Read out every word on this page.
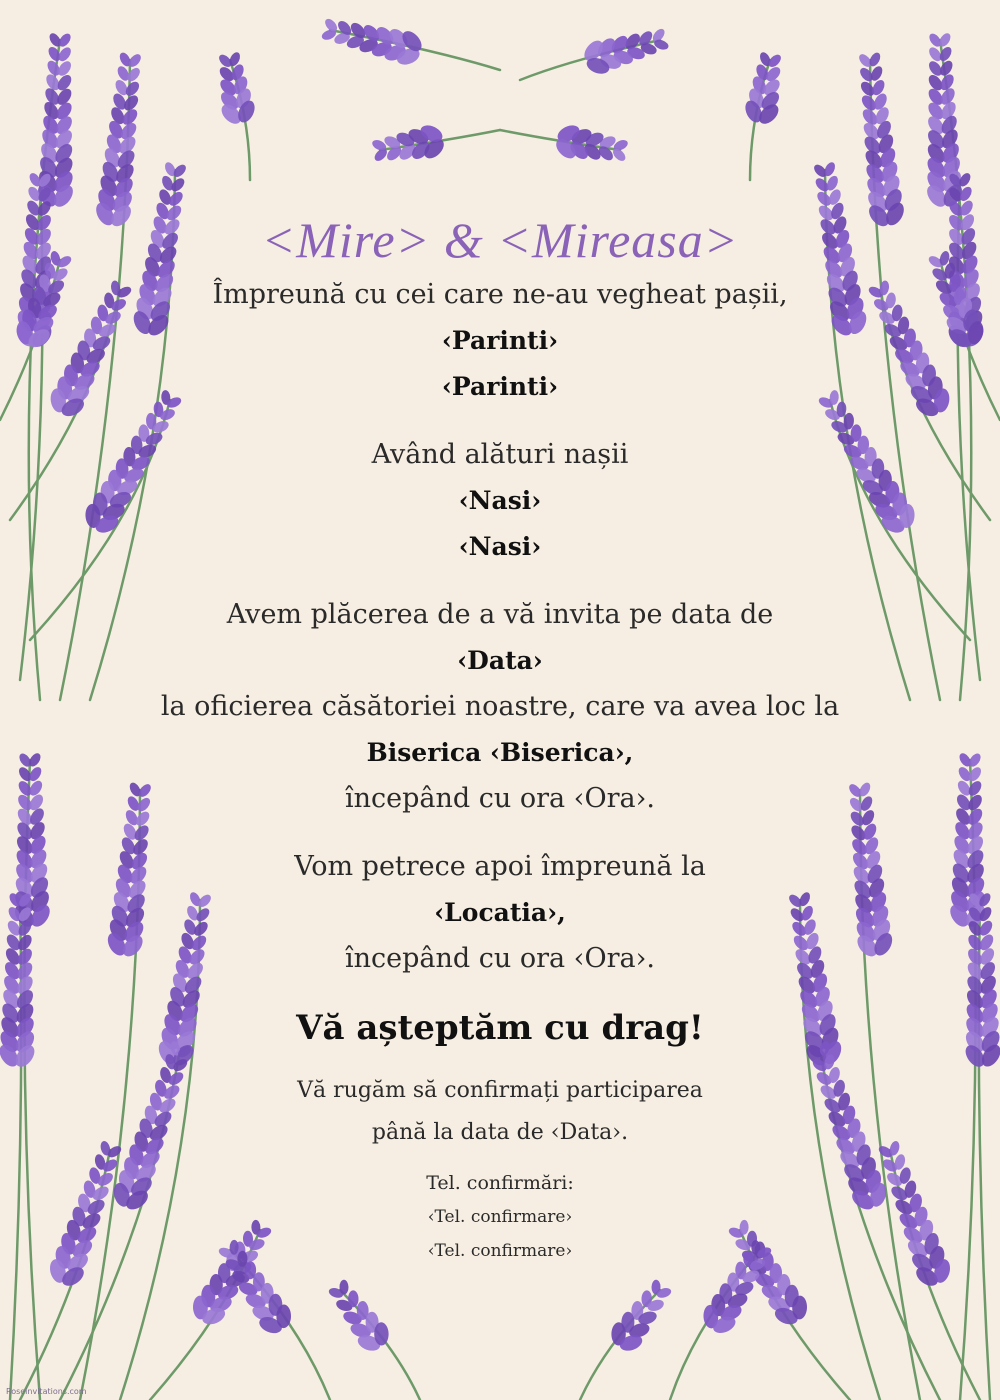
<Mire> & <Mireasa>
Împreună cu cei care ne-au vegheat pașii,
‹Parinti›
‹Parinti›
Având alături nașii
‹Nasi›
‹Nasi›
Avem plăcerea de a vă invita pe data de
‹Data›
la oficierea căsătoriei noastre, care va avea loc la
Biserica ‹Biserica›,
începând cu ora ‹Ora›.
Vom petrece apoi împreună la
‹Locatia›,
începând cu ora ‹Ora›.
Vă așteptăm cu drag!
Vă rugăm să confirmați participarea
până la data de ‹Data›.
Tel. confirmări:
‹Tel. confirmare›
‹Tel. confirmare›
Roseinvitations.com
